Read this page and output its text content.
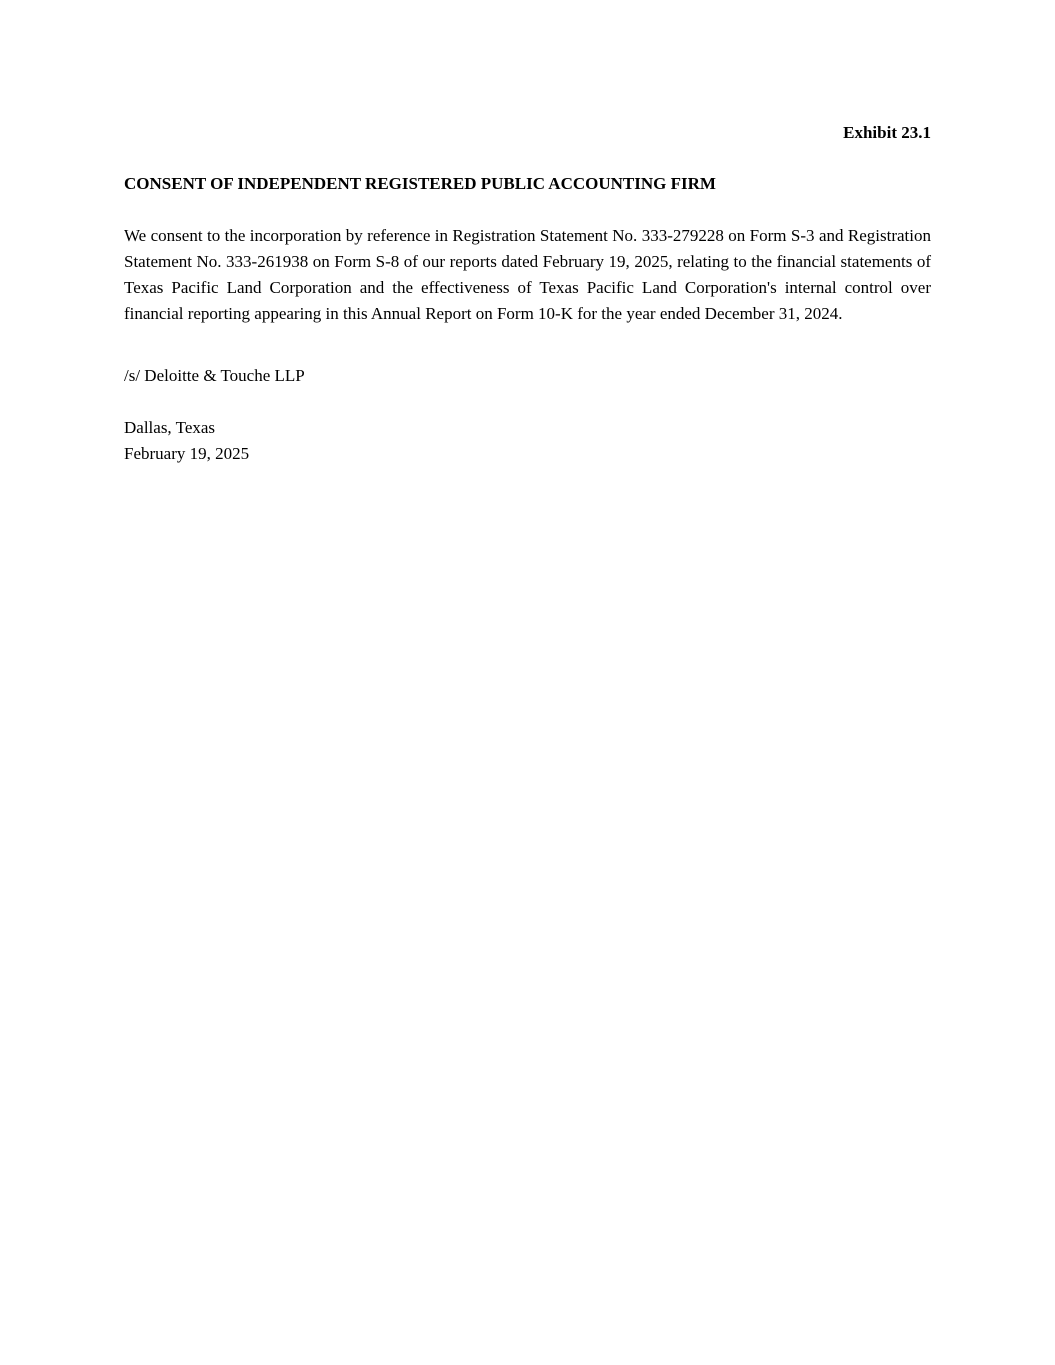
Exhibit 23.1
CONSENT OF INDEPENDENT REGISTERED PUBLIC ACCOUNTING FIRM

We consent to the incorporation by reference in Registration Statement No. 333-279228 on Form S-3 and Registration Statement No. 333-261938 on Form S-8 of our reports dated February 19, 2025, relating to the financial statements of Texas Pacific Land Corporation and the effectiveness of Texas Pacific Land Corporation's internal control over financial reporting appearing in this Annual Report on Form 10-K for the year ended December 31, 2024.

/s/ Deloitte & Touche LLP

Dallas, Texas

February 19, 2025
